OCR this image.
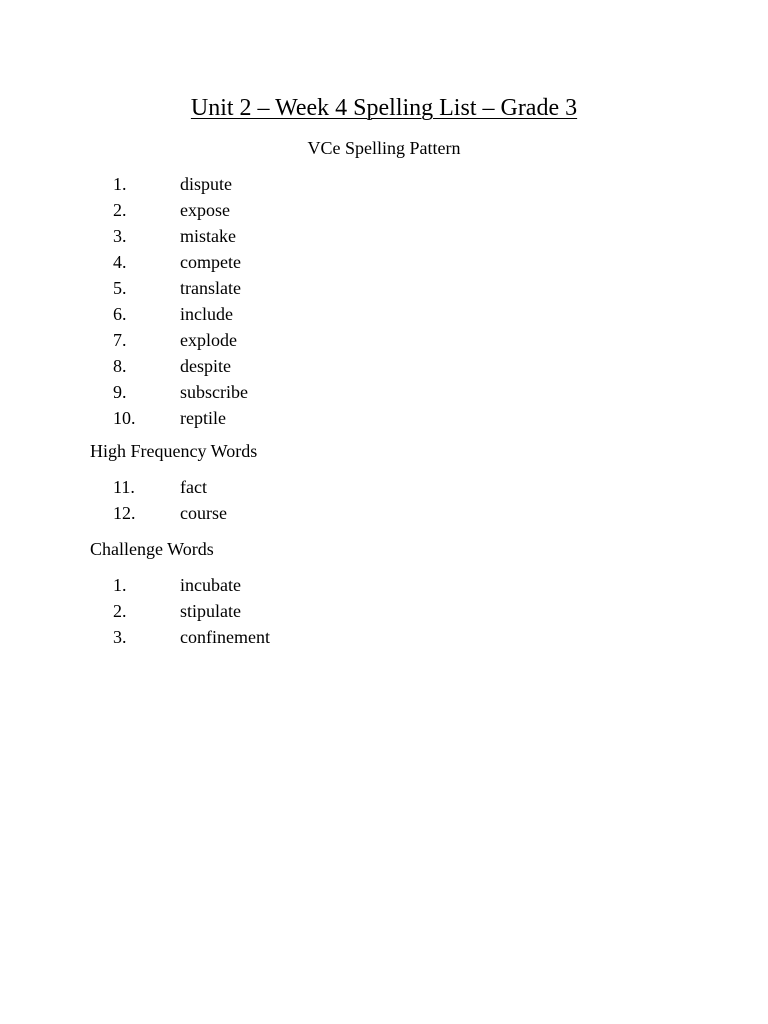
Unit 2 – Week 4 Spelling List – Grade 3
VCe Spelling Pattern
1.	dispute
2.	expose
3.	mistake
4.	compete
5.	translate
6.	include
7.	explode
8.	despite
9.	subscribe
10.	reptile
High Frequency Words
11.	fact
12.	course
Challenge Words
1.	incubate
2.	stipulate
3.	confinement
